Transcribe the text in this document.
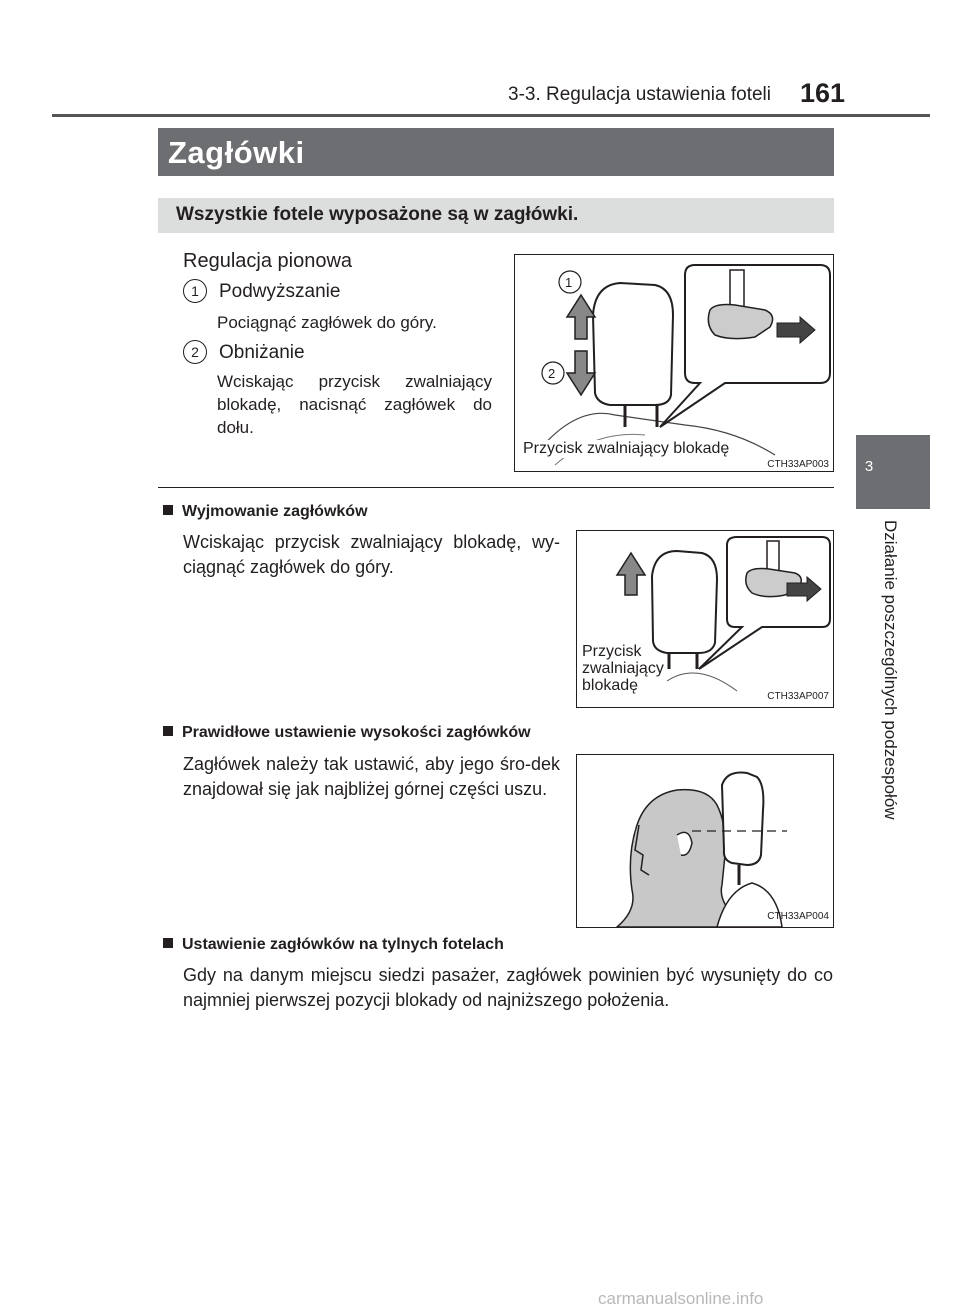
3-3. Regulacja ustawienia foteli 161
3
Działanie poszczególnych podzespołów
Zagłówki
Wszystkie fotele wyposażone są w zagłówki.
Regulacja pionowa
1	Podwyższanie
Pociągnąć zagłówek do góry.
2	Obniżanie
Wciskając przycisk zwalniający blokadę, nacisnąć zagłówek do dołu.
1
2
Przycisk zwalniający blokadę
CTH33AP003
Wyjmowanie zagłówków
Wciskając przycisk zwalniający blokadę, wy-ciągnąć zagłówek do góry.
Przycisk
zwalniający
blokadę
CTH33AP007
Prawidłowe ustawienie wysokości zagłówków
Zagłówek należy tak ustawić, aby jego śro-dek znajdował się jak najbliżej górnej części uszu.
CTH33AP004
Ustawienie zagłówków na tylnych fotelach
Gdy na danym miejscu siedzi pasażer, zagłówek powinien być wysunięty do co najmniej pierwszej pozycji blokady od najniższego położenia.
carmanualsonline.info
